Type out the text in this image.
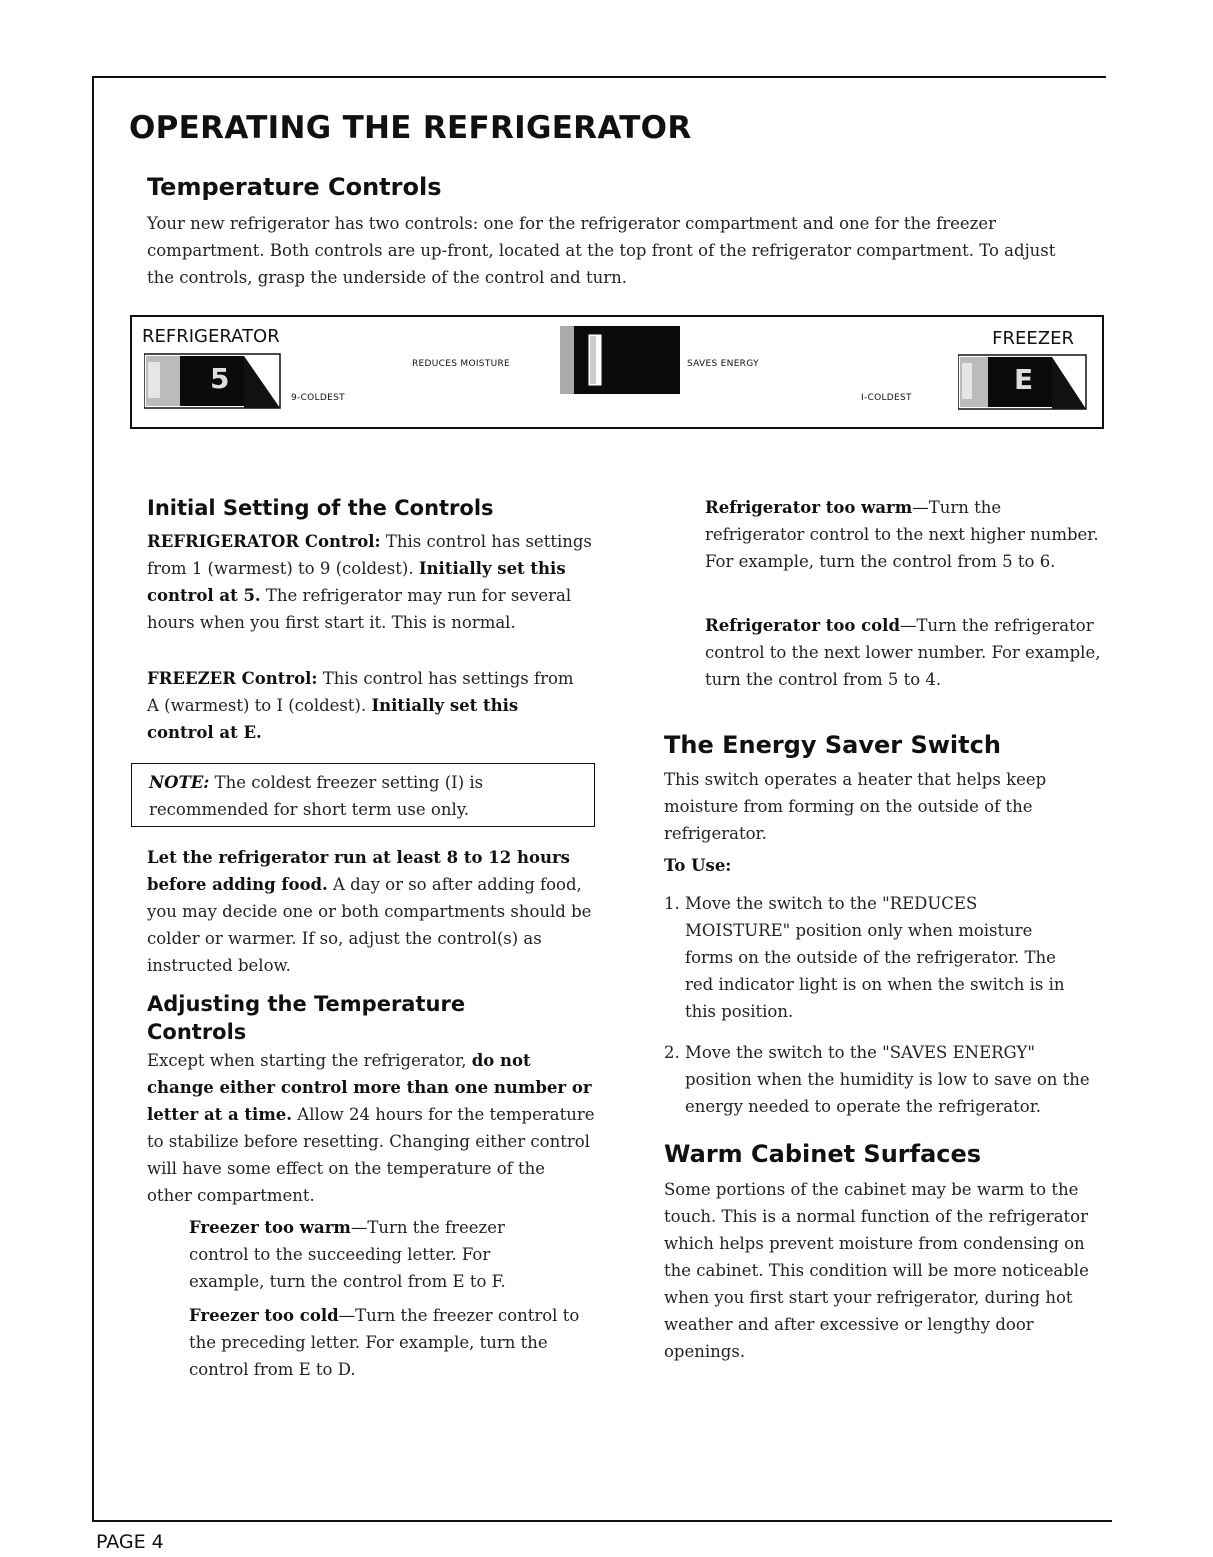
OPERATING THE REFRIGERATOR
Temperature Controls

Your new refrigerator has two controls: one for the refrigerator compartment and one for the freezer compartment. Both controls are up-front, located at the top front of the refrigerator compartment. To adjust the controls, grasp the underside of the control and turn.

REFRIGERATOR	FREEZER
5
9-COLDEST
REDUCES MOISTURE	SAVES ENERGY
I-COLDEST
E
Initial Setting of the Controls

REFRIGERATOR Control: This control has settings from 1 (warmest) to 9 (coldest). Initially set this control at 5. The refrigerator may run for several hours when you first start it. This is normal.

FREEZER Control: This control has settings from A (warmest) to I (coldest). Initially set this control at E.

NOTE: The coldest freezer setting (I) is recommended for short term use only.

Let the refrigerator run at least 8 to 12 hours before adding food. A day or so after adding food, you may decide one or both compartments should be colder or warmer. If so, adjust the control(s) as instructed below.

Adjusting the Temperature Controls

Except when starting the refrigerator, do not change either control more than one number or letter at a time. Allow 24 hours for the temperature to stabilize before resetting. Changing either control will have some effect on the temperature of the other compartment.

Freezer too warm—Turn the freezer control to the succeeding letter. For example, turn the control from E to F.

Freezer too cold—Turn the freezer control to the preceding letter. For example, turn the control from E to D.

Refrigerator too warm—Turn the refrigerator control to the next higher number. For example, turn the control from 5 to 6.

Refrigerator too cold—Turn the refrigerator control to the next lower number. For example, turn the control from 5 to 4.

The Energy Saver Switch

This switch operates a heater that helps keep moisture from forming on the outside of the refrigerator.

To Use:

1. Move the switch to the "REDUCES MOISTURE" position only when moisture forms on the outside of the refrigerator. The red indicator light is on when the switch is in this position.

2. Move the switch to the "SAVES ENERGY" position when the humidity is low to save on the energy needed to operate the refrigerator.

Warm Cabinet Surfaces

Some portions of the cabinet may be warm to the touch. This is a normal function of the refrigerator which helps prevent moisture from condensing on the cabinet. This condition will be more noticeable when you first start your refrigerator, during hot weather and after excessive or lengthy door openings.

PAGE 4
